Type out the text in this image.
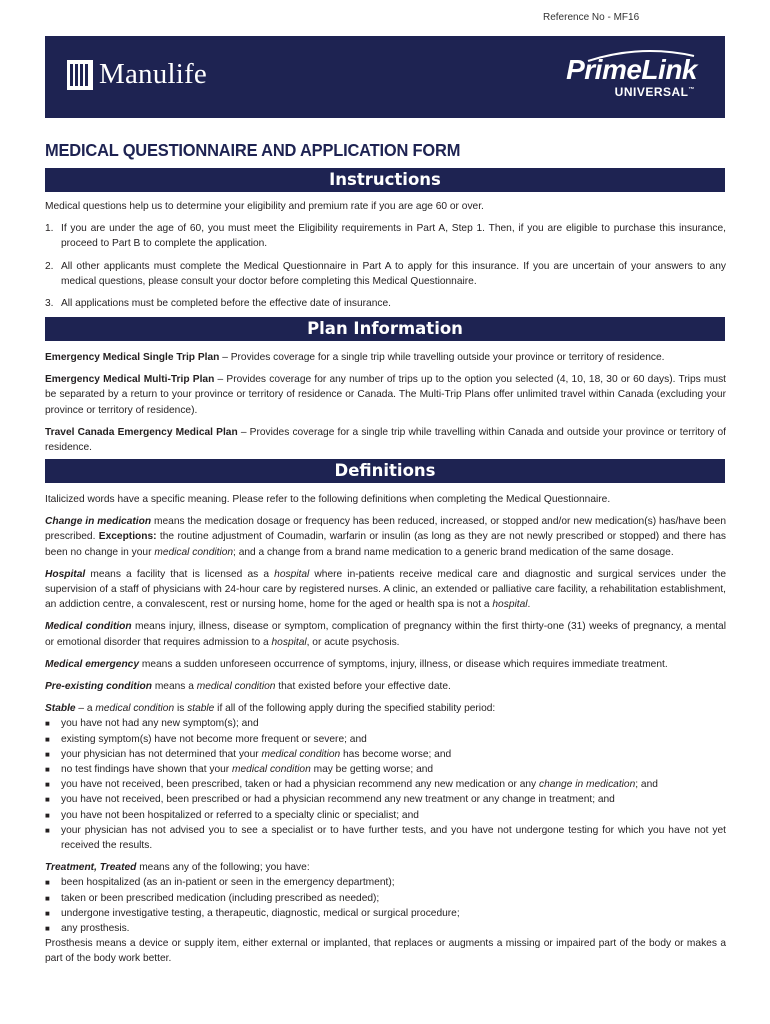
Reference No - MF16
Manulife	PrimeLink
UNIVERSAL™
MEDICAL QUESTIONNAIRE AND APPLICATION FORM
Instructions

Medical questions help us to determine your eligibility and premium rate if you are age 60 or over.

1. If you are under the age of 60, you must meet the Eligibility requirements in Part A, Step 1. Then, if you are eligible to purchase this insurance, proceed to Part B to complete the application.
2. All other applicants must complete the Medical Questionnaire in Part A to apply for this insurance. If you are uncertain of your answers to any medical questions, please consult your doctor before completing this Medical Questionnaire.
3. All applications must be completed before the effective date of insurance.
Plan Information

Emergency Medical Single Trip Plan – Provides coverage for a single trip while travelling outside your province or territory of residence.

Emergency Medical Multi-Trip Plan – Provides coverage for any number of trips up to the option you selected (4, 10, 18, 30 or 60 days). Trips must be separated by a return to your province or territory of residence or Canada. The Multi-Trip Plans offer unlimited travel within Canada (excluding your province or territory of residence).

Travel Canada Emergency Medical Plan – Provides coverage for a single trip while travelling within Canada and outside your province or territory of residence.

Definitions

Italicized words have a specific meaning. Please refer to the following definitions when completing the Medical Questionnaire.

Change in medication means the medication dosage or frequency has been reduced, increased, or stopped and/or new medication(s) has/have been prescribed. Exceptions: the routine adjustment of Coumadin, warfarin or insulin (as long as they are not newly prescribed or stopped) and there has been no change in your medical condition; and a change from a brand name medication to a generic brand medication of the same dosage.

Hospital means a facility that is licensed as a hospital where in-patients receive medical care and diagnostic and surgical services under the supervision of a staff of physicians with 24-hour care by registered nurses. A clinic, an extended or palliative care facility, a rehabilitation establishment, an addiction centre, a convalescent, rest or nursing home, home for the aged or health spa is not a hospital.

Medical condition means injury, illness, disease or symptom, complication of pregnancy within the first thirty-one (31) weeks of pregnancy, a mental or emotional disorder that requires admission to a hospital, or acute psychosis.

Medical emergency means a sudden unforeseen occurrence of symptoms, injury, illness, or disease which requires immediate treatment.

Pre-existing condition means a medical condition that existed before your effective date.

Stable – a medical condition is stable if all of the following apply during the specified stability period:

■	you have not had any new symptom(s); and
■	existing symptom(s) have not become more frequent or severe; and
■	your physician has not determined that your medical condition has become worse; and
■	no test findings have shown that your medical condition may be getting worse; and
■	you have not received, been prescribed, taken or had a physician recommend any new medication or any change in medication; and
■	you have not received, been prescribed or had a physician recommend any new treatment or any change in treatment; and
■	you have not been hospitalized or referred to a specialty clinic or specialist; and
■	your physician has not advised you to see a specialist or to have further tests, and you have not undergone testing for which you have not yet received the results.

Treatment, Treated means any of the following; you have:

■	been hospitalized (as an in-patient or seen in the emergency department);
■	taken or been prescribed medication (including prescribed as needed);
■	undergone investigative testing, a therapeutic, diagnostic, medical or surgical procedure;
■	any prosthesis.

Prosthesis means a device or supply item, either external or implanted, that replaces or augments a missing or impaired part of the body or makes a part of the body work better.
